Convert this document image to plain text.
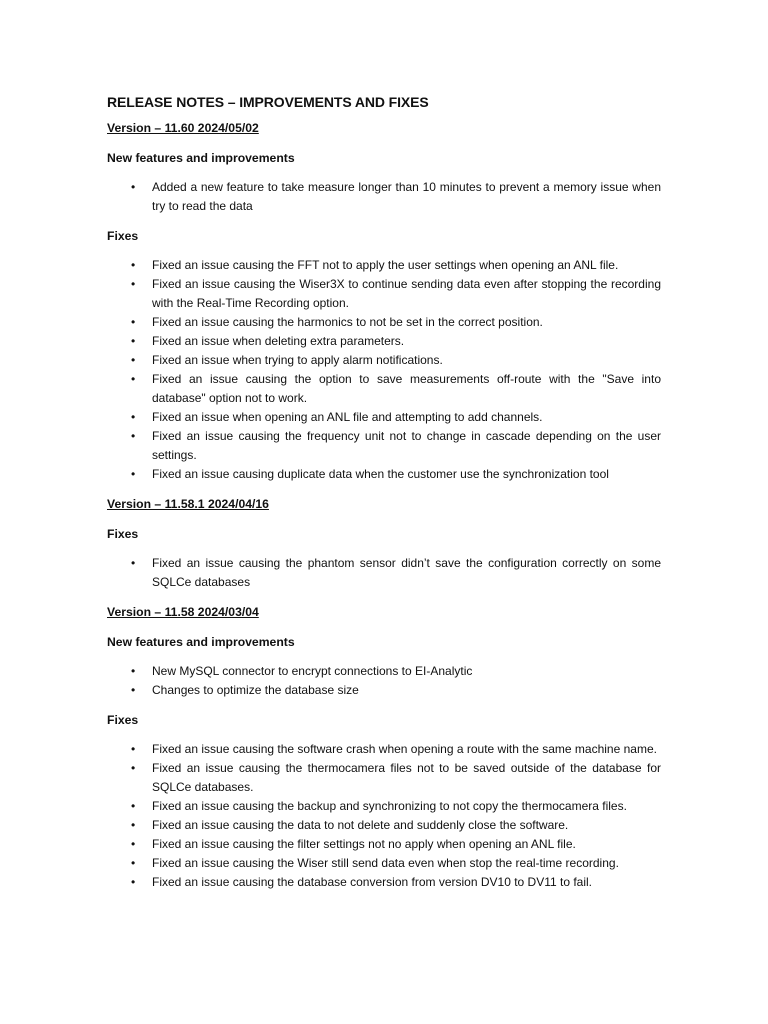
RELEASE NOTES – IMPROVEMENTS AND FIXES
Version – 11.60 2024/05/02
New features and improvements
• Added a new feature to take measure longer than 10 minutes to prevent a memory issue when try to read the data
Fixes
• Fixed an issue causing the FFT not to apply the user settings when opening an ANL file.
• Fixed an issue causing the Wiser3X to continue sending data even after stopping the recording with the Real-Time Recording option.
• Fixed an issue causing the harmonics to not be set in the correct position.
• Fixed an issue when deleting extra parameters.
• Fixed an issue when trying to apply alarm notifications.
• Fixed an issue causing the option to save measurements off-route with the "Save into database" option not to work.
• Fixed an issue when opening an ANL file and attempting to add channels.
• Fixed an issue causing the frequency unit not to change in cascade depending on the user settings.
• Fixed an issue causing duplicate data when the customer use the synchronization tool
Version – 11.58.1 2024/04/16
Fixes
• Fixed an issue causing the phantom sensor didn’t save the configuration correctly on some SQLCe databases
Version – 11.58 2024/03/04
New features and improvements
• New MySQL connector to encrypt connections to EI-Analytic
• Changes to optimize the database size
Fixes
• Fixed an issue causing the software crash when opening a route with the same machine name.
• Fixed an issue causing the thermocamera files not to be saved outside of the database for SQLCe databases.
• Fixed an issue causing the backup and synchronizing to not copy the thermocamera files.
• Fixed an issue causing the data to not delete and suddenly close the software.
• Fixed an issue causing the filter settings not no apply when opening an ANL file.
• Fixed an issue causing the Wiser still send data even when stop the real-time recording.
• Fixed an issue causing the database conversion from version DV10 to DV11 to fail.
